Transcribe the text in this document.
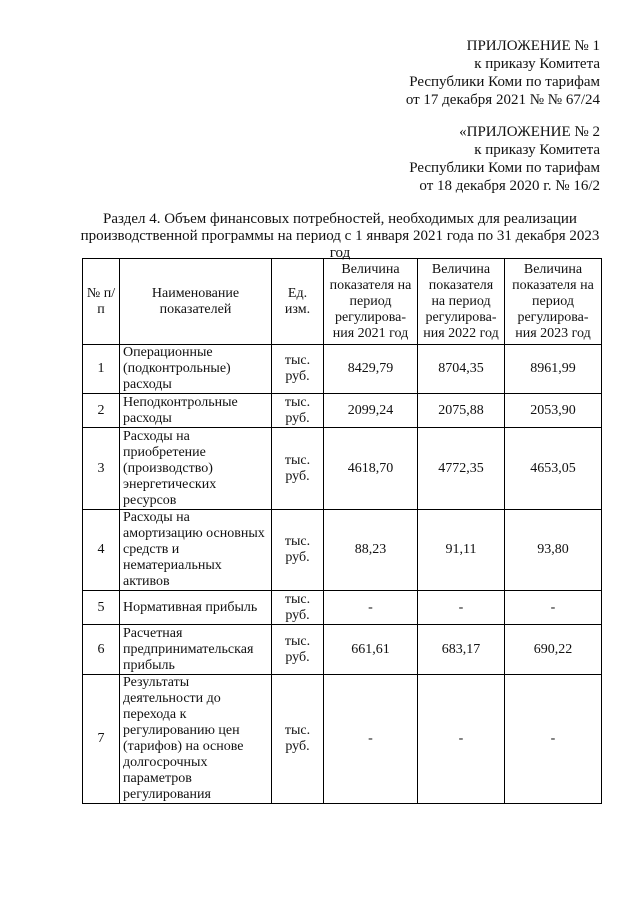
ПРИЛОЖЕНИЕ № 1
к приказу Комитета
Республики Коми по тарифам
от 17 декабря 2021 № № 67/24
«ПРИЛОЖЕНИЕ № 2
к приказу Комитета
Республики Коми по тарифам
от 18 декабря 2020 г. № 16/2
Раздел 4. Объем финансовых потребностей, необходимых для реализации производственной программы на период с 1 января 2021 года по 31 декабря 2023 год
№ п/п	Наименование показателей	Ед. изм.	Величина показателя на период регулирова-ния 2021 год	Величина показателя на период регулирова-ния 2022 год	Величина показателя на период регулирова-ния 2023 год
1	Операционные (подконтрольные) расходы	тыс. руб.	8429,79	8704,35	8961,99
2	Неподконтрольные расходы	тыс. руб.	2099,24	2075,88	2053,90
3	Расходы на приобретение (производство) энергетических ресурсов	тыс. руб.	4618,70	4772,35	4653,05
4	Расходы на амортизацию основных средств и нематериальных активов	тыс. руб.	88,23	91,11	93,80
5	Нормативная прибыль	тыс. руб.	-	-	-
6	Расчетная предпринимательская прибыль	тыс. руб.	661,61	683,17	690,22
7	Результаты деятельности до перехода к регулированию цен (тарифов) на основе долгосрочных параметров регулирования	тыс. руб.	-	-	-
